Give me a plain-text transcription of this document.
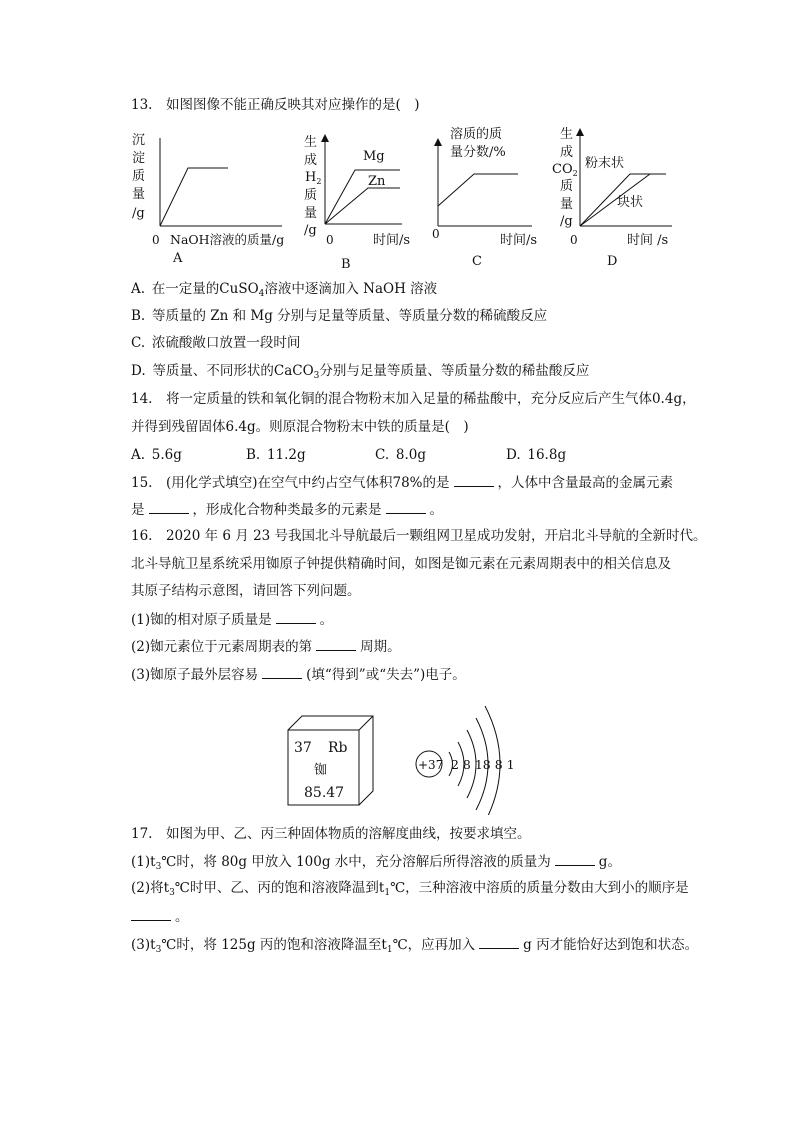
13. 如图图像不能正确反映其对应操作的是( )
沉
淀
质
量
/g
0 NaOH溶液的质量/g
A
生
成
$H_2$
质
量
/g
Mg
Zn
0	时间/s
B
溶质的质
量分数/%
0	时间/s
C
生
成
$CO_2$
质
量
/g
粉末状
块状
0	时间 /s
D
A. 在一定量的CuSO$_4$溶液中逐滴加入 NaOH 溶液
B. 等质量的 Zn 和 Mg 分别与足量等质量、等质量分数的稀硫酸反应
C. 浓硫酸敞口放置一段时间
D. 等质量、不同形状的CaCO$_3$分别与足量等质量、等质量分数的稀盐酸反应
14. 将一定质量的铁和氧化铜的混合物粉末加入足量的稀盐酸中，充分反应后产生气体0.4g，
并得到残留固体6.4g。则原混合物粉末中铁的质量是( )
A. 5.6g	B. 11.2g	C. 8.0g	D. 16.8g
15. (用化学式填空)在空气中约占空气体积78%的是	，人体中含量最高的金属元素
是	，形成化合物种类最多的元素是	。
16. 2020 年 6 月 23 号我国北斗导航最后一颗组网卫星成功发射，开启北斗导航的全新时代。
北斗导航卫星系统采用铷原子钟提供精确时间，如图是铷元素在元素周期表中的相关信息及
其原子结构示意图，请回答下列问题。
(1)铷的相对原子质量是	。
(2)铷元素位于元素周期表的第	周期。
(3)铷原子最外层容易	(填“得到”或“失去”)电子。
37 Rb
铷
85.47
+37 2 8 18 8 1
17. 如图为甲、乙、丙三种固体物质的溶解度曲线，按要求填空。
$(1)t_3℃$时，将 80g 甲放入 100g 水中，充分溶解后所得溶液的质量为	g。
(2)将$t_3℃$时甲、乙、丙的饱和溶液降温到$t_1℃$，三种溶液中溶质的质量分数由大到小的顺序是
。
$(3)t_3℃$时，将 125g 丙的饱和溶液降温至$t_1℃$，应再加入	g 丙才能恰好达到饱和状态。
